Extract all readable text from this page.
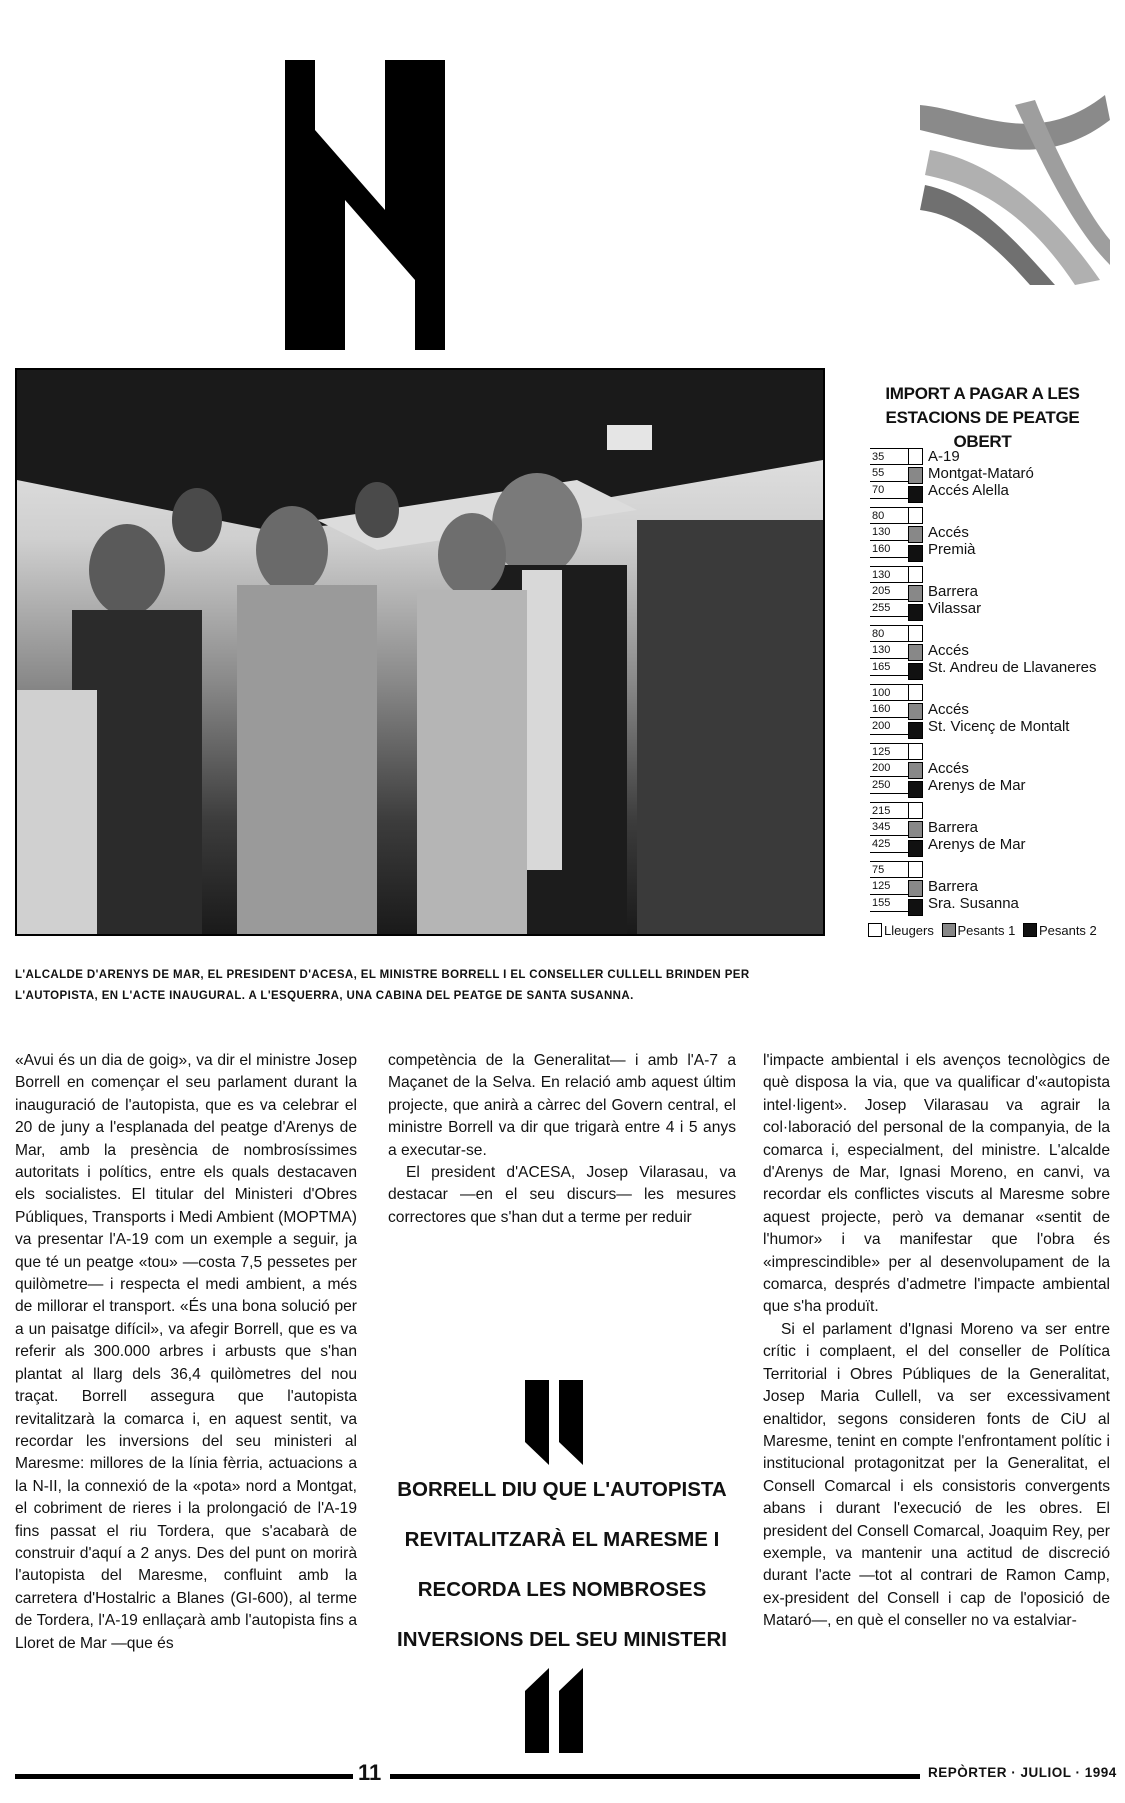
IMPORT A PAGAR A LES ESTACIONS DE PEATGE OBERT
35
55
70
A-19
Montgat-Mataró
Accés Alella
80
130
160
Accés
Premià
130
205
255
Barrera
Vilassar
80
130
165
Accés
St. Andreu de Llavaneres
100
160
200
Accés
St. Vicenç de Montalt
125
200
250
Accés
Arenys de Mar
215
345
425
Barrera
Arenys de Mar
75
125
155
Barrera
Sra. Susanna
Lleugers Pesants 1 Pesants 2
L'ALCALDE D'ARENYS DE MAR, EL PRESIDENT D'ACESA, EL MINISTRE BORRELL I EL CONSELLER CULLELL BRINDEN PER L'AUTOPISTA, EN L'ACTE INAUGURAL. A L'ESQUERRA, UNA CABINA DEL PEATGE DE SANTA SUSANNA.

«Avui és un dia de goig», va dir el ministre Josep Borrell en començar el seu parlament durant la inauguració de l'autopista, que es va celebrar el 20 de juny a l'esplanada del peatge d'Arenys de Mar, amb la presència de nombrosíssimes autoritats i polítics, entre els quals destacaven els socialistes. El titular del Ministeri d'Obres Públiques, Transports i Medi Ambient (MOPTMA) va presentar l'A-19 com un exemple a seguir, ja que té un peatge «tou» —costa 7,5 pessetes per quilòmetre— i respecta el medi ambient, a més de millorar el transport. «És una bona solució per a un paisatge difícil», va afegir Borrell, que es va referir als 300.000 arbres i arbusts que s'han plantat al llarg dels 36,4 quilòmetres del nou traçat. Borrell assegura que l'autopista revitalitzarà la comarca i, en aquest sentit, va recordar les inversions del seu ministeri al Maresme: millores de la línia fèrria, actuacions a la N-II, la connexió de la «pota» nord a Montgat, el cobriment de rieres i la prolongació de l'A-19 fins passat el riu Tordera, que s'acabarà de construir d'aquí a 2 anys. Des del punt on morirà l'autopista del Maresme, confluint amb la carretera d'Hostalric a Blanes (GI-600), al terme de Tordera, l'A-19 enllaçarà amb l'autopista fins a Lloret de Mar —que és

competència de la Generalitat— i amb l'A-7 a Maçanet de la Selva. En relació amb aquest últim projecte, que anirà a càrrec del Govern central, el ministre Borrell va dir que trigarà entre 4 i 5 anys a executar-se.

El president d'ACESA, Josep Vilarasau, va destacar —en el seu discurs— les mesures correctores que s'han dut a terme per reduir

l'impacte ambiental i els avenços tecnològics de què disposa la via, que va qualificar d'«autopista intel·ligent». Josep Vilarasau va agrair la col·laboració del personal de la companyia, de la comarca i, especialment, del ministre. L'alcalde d'Arenys de Mar, Ignasi Moreno, en canvi, va recordar els conflictes viscuts al Maresme sobre aquest projecte, però va demanar «sentit de l'humor» i va manifestar que l'obra és «imprescindible» per al desenvolupament de la comarca, després d'admetre l'impacte ambiental que s'ha produït.

Si el parlament d'Ignasi Moreno va ser entre crític i complaent, el del conseller de Política Territorial i Obres Públiques de la Generalitat, Josep Maria Cullell, va ser excessivament enaltidor, segons consideren fonts de CiU al Maresme, tenint en compte l'enfrontament polític i institucional protagonitzat per la Generalitat, el Consell Comarcal i els consistoris convergents abans i durant l'execució de les obres. El president del Consell Comarcal, Joaquim Rey, per exemple, va mantenir una actitud de discreció durant l'acte —tot al contrari de Ramon Camp, ex-president del Consell i cap de l'oposició de Mataró—, en què el conseller no va estalviar-

BORRELL DIU QUE L'AUTOPISTA REVITALITZARÀ EL MARESME I RECORDA LES NOMBROSES INVERSIONS DEL SEU MINISTERI
11	REPÒRTER · JULIOL · 1994
